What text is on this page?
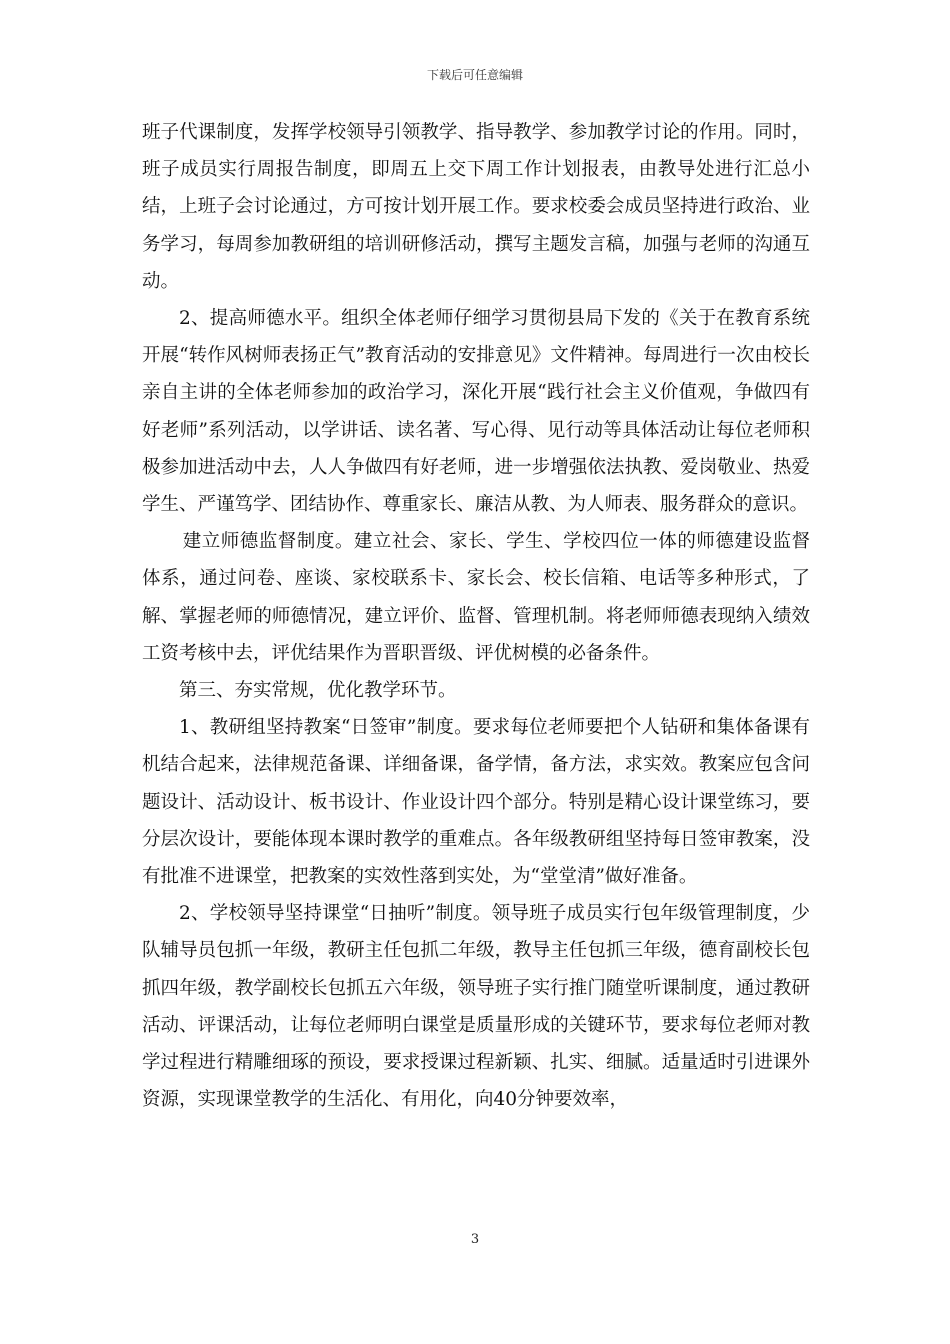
下载后可任意编辑

班子代课制度，发挥学校领导引领教学、指导教学、参加教学讨论的作用。同时，班子成员实行周报告制度，即周五上交下周工作计划报表，由教导处进行汇总小结，上班子会讨论通过，方可按计划开展工作。要求校委会成员坚持进行政治、业务学习，每周参加教研组的培训研修活动，撰写主题发言稿，加强与老师的沟通互动。

2、提高师德水平。组织全体老师仔细学习贯彻县局下发的《关于在教育系统开展“转作风树师表扬正气”教育活动的安排意见》文件精神。每周进行一次由校长亲自主讲的全体老师参加的政治学习，深化开展“践行社会主义价值观，争做四有好老师”系列活动，以学讲话、读名著、写心得、见行动等具体活动让每位老师积极参加进活动中去，人人争做四有好老师，进一步增强依法执教、爱岗敬业、热爱学生、严谨笃学、团结协作、尊重家长、廉洁从教、为人师表、服务群众的意识。

建立师德监督制度。建立社会、家长、学生、学校四位一体的师德建设监督体系，通过问卷、座谈、家校联系卡、家长会、校长信箱、电话等多种形式，了解、掌握老师的师德情况，建立评价、监督、管理机制。将老师师德表现纳入绩效工资考核中去，评优结果作为晋职晋级、评优树模的必备条件。

第三、夯实常规，优化教学环节。

1、教研组坚持教案“日签审”制度。要求每位老师要把个人钻研和集体备课有机结合起来，法律规范备课、详细备课，备学情，备方法，求实效。教案应包含问题设计、活动设计、板书设计、作业设计四个部分。特别是精心设计课堂练习，要分层次设计，要能体现本课时教学的重难点。各年级教研组坚持每日签审教案，没有批准不进课堂，把教案的实效性落到实处，为“堂堂清”做好准备。

2、学校领导坚持课堂“日抽听”制度。领导班子成员实行包年级管理制度，少队辅导员包抓一年级，教研主任包抓二年级，教导主任包抓三年级，德育副校长包抓四年级，教学副校长包抓五六年级，领导班子实行推门随堂听课制度，通过教研活动、评课活动，让每位老师明白课堂是质量形成的关键环节，要求每位老师对教学过程进行精雕细琢的预设，要求授课过程新颖、扎实、细腻。适量适时引进课外资源，实现课堂教学的生活化、有用化，向40分钟要效率，

3
